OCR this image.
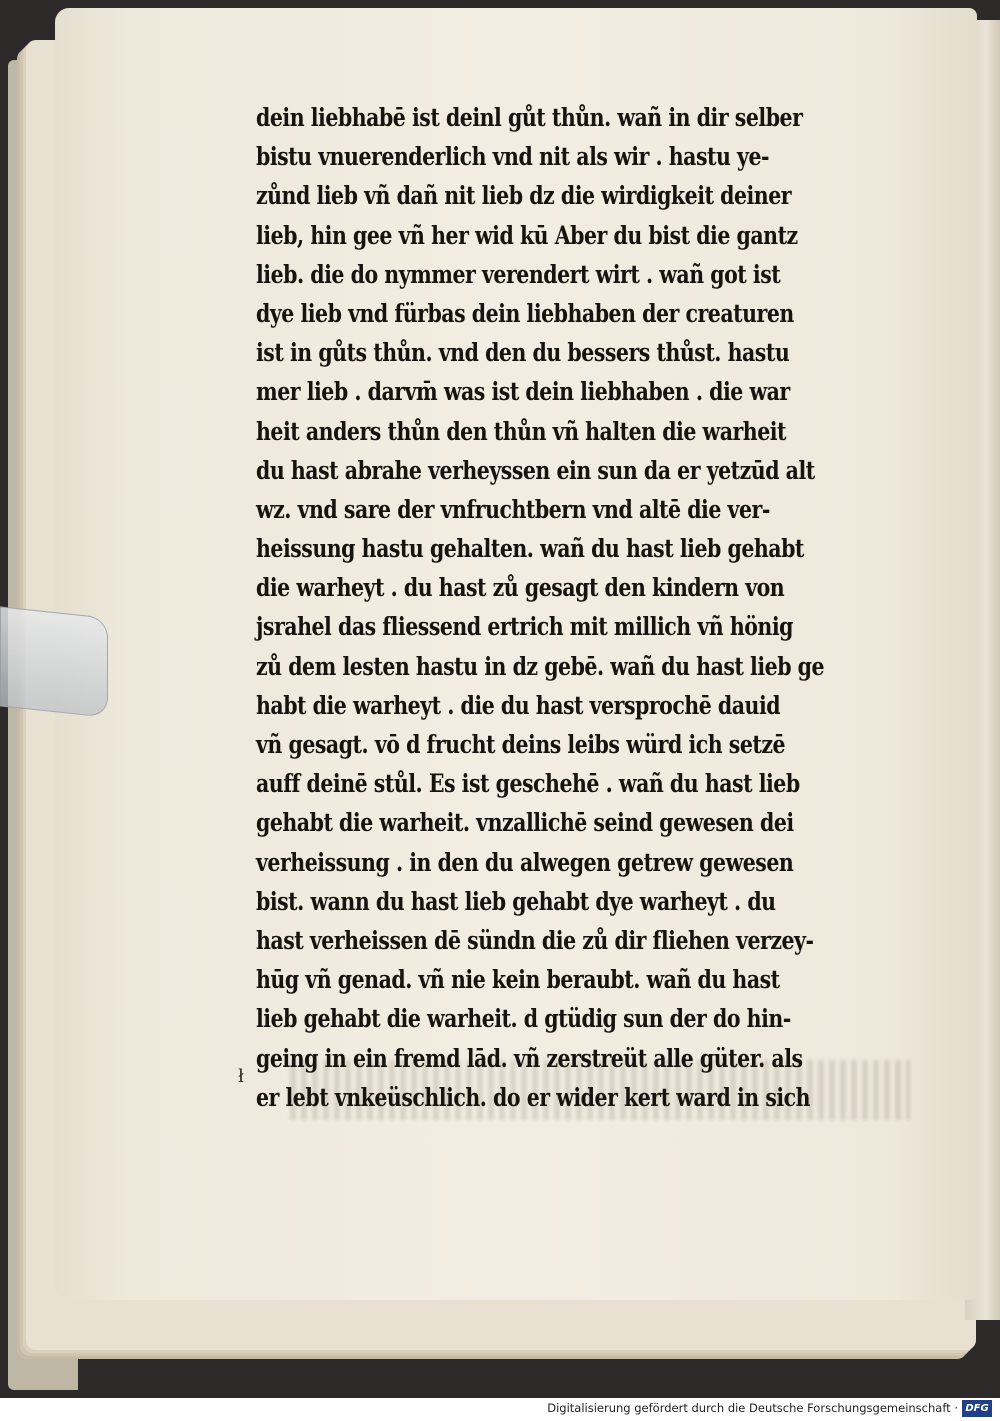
dein liebhabē ist deinl gůt thůn. wañ in dir selber
bistu vnuerenderlich vnd nit als wir . hastu ye-
zůnd lieb vñ dañ nit lieb dz die wirdigkeit deiner
lieb, hin gee vñ her wid kū Aber du bist die gantz
lieb. die do nymmer verendert wirt . wañ got ist
dye lieb vnd fürbas dein liebhaben der creaturen
ist in gůts thůn. vnd den du bessers thůst. hastu
mer lieb . darvm̄ was ist dein liebhaben . die war
heit anders thůn den thůn vñ halten die warheit
du hast abrahe verheyssen ein sun da er yetzūd alt
wz. vnd sare der vnfruchtbern vnd altē die ver-
heissung hastu gehalten. wañ du hast lieb gehabt
die warheyt . du hast zů gesagt den kindern von
jsrahel das fliessend ertrich mit millich vñ hönig
zů dem lesten hastu in dz gebē. wañ du hast lieb ge
habt die warheyt . die du hast versprochē dauid
vñ gesagt. vō d frucht deins leibs würd ich setzē
auff deinē stůl. Es ist geschehē . wañ du hast lieb
gehabt die warheit. vnzallichē seind gewesen dei
verheissung . in den du alwegen getrew gewesen
bist. wann du hast lieb gehabt dye warheyt . du
hast verheissen dē sündn die zů dir fliehen verzey-
hūg vñ genad. vñ nie kein beraubt. wañ du hast
lieb gehabt die warheit. d gtüdig sun der do hin-
geing in ein fremd lād. vñ zerstreüt alle güter. als
er lebt vnkeüschlich. do er wider kert ward in sich
ł
Digitalisierung gefördert durch die Deutsche Forschungsgemeinschaft · DFG
